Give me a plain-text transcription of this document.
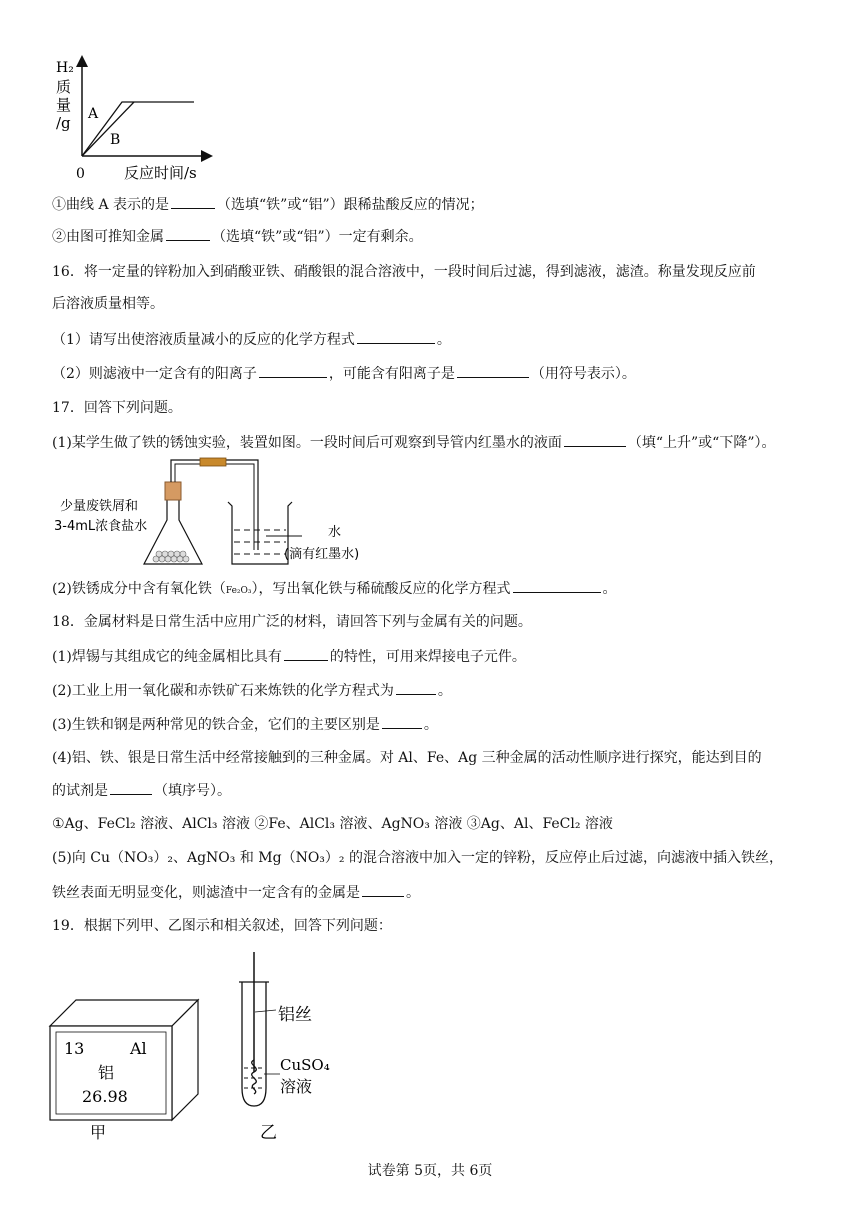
H₂
质
量
/g A
B
0	反应时间/s
①曲线 A 表示的是	（选填“铁”或“铝”）跟稀盐酸反应的情况；
②由图可推知金属	（选填“铁”或“铝”）一定有剩余。
16．将一定量的锌粉加入到硝酸亚铁、硝酸银的混合溶液中，一段时间后过滤，得到滤液，滤渣。称量发现反应前
后溶液质量相等。
（1）请写出使溶液质量减小的反应的化学方程式	。
（2）则滤液中一定含有的阳离子	，可能含有阳离子是	（用符号表示）。
17．回答下列问题。
(1)某学生做了铁的锈蚀实验，装置如图。一段时间后可观察到导管内红墨水的液面	（填“上升”或“下降”）。
少量废铁屑和
3-4mL浓食盐水	水
(滴有红墨水)
(2)铁锈成分中含有氧化铁（Fe₂O₃），写出氧化铁与稀硫酸反应的化学方程式	。
18．金属材料是日常生活中应用广泛的材料，请回答下列与金属有关的问题。
(1)焊锡与其组成它的纯金属相比具有	的特性，可用来焊接电子元件。
(2)工业上用一氧化碳和赤铁矿石来炼铁的化学方程式为	。
(3)生铁和钢是两种常见的铁合金，它们的主要区别是	。
(4)铝、铁、银是日常生活中经常接触到的三种金属。对 Al、Fe、Ag 三种金属的活动性顺序进行探究，能达到目的
的试剂是	（填序号）。
①Ag、FeCl₂ 溶液、AlCl₃ 溶液 ②Fe、AlCl₃ 溶液、AgNO₃ 溶液 ③Ag、Al、FeCl₂ 溶液
(5)向 Cu（NO₃）₂、AgNO₃ 和 Mg（NO₃）₂ 的混合溶液中加入一定的锌粉，反应停止后过滤，向滤液中插入铁丝，
铁丝表面无明显变化，则滤渣中一定含有的金属是	。
19．根据下列甲、乙图示和相关叙述，回答下列问题：
13	Al
铝
26.98
甲
铝丝
CuSO₄
溶液
乙
试卷第 5页，共 6页
